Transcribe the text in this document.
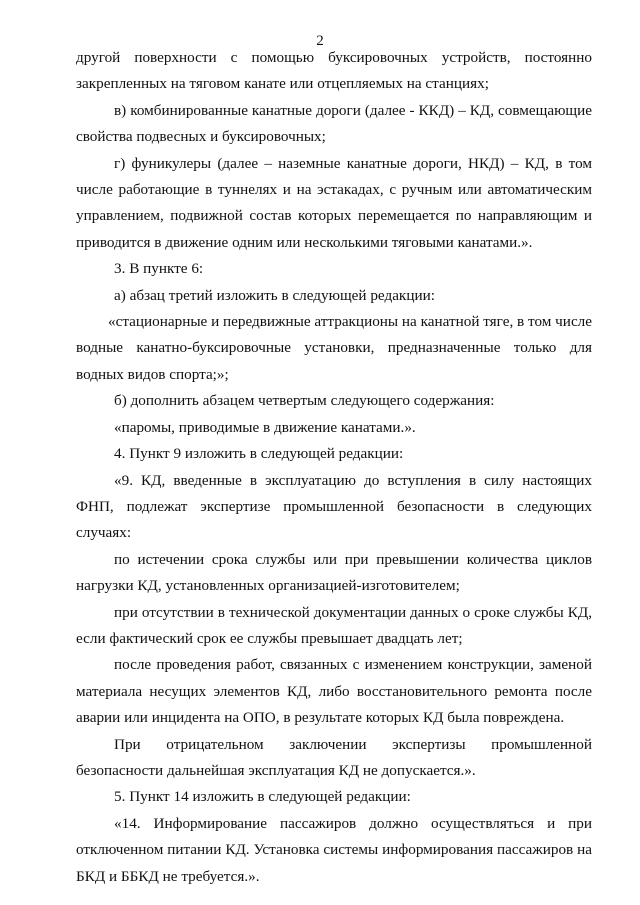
2

другой поверхности с помощью буксировочных устройств, постоянно закрепленных на тяговом канате или отцепляемых на станциях;

в) комбинированные канатные дороги (далее - ККД) – КД, совмещающие свойства подвесных и буксировочных;

г) фуникулеры (далее – наземные канатные дороги, НКД) – КД, в том числе работающие в туннелях и на эстакадах, с ручным или автоматическим управлением, подвижной состав которых перемещается по направляющим и приводится в движение одним или несколькими тяговыми канатами.».

3. В пункте 6:

а) абзац третий изложить в следующей редакции:

«стационарные и передвижные аттракционы на канатной тяге, в том числе водные канатно-буксировочные установки, предназначенные только для водных видов спорта;»;

б) дополнить абзацем четвертым следующего содержания:

«паромы, приводимые в движение канатами.».

4. Пункт 9 изложить в следующей редакции:

«9. КД, введенные в эксплуатацию до вступления в силу настоящих ФНП, подлежат экспертизе промышленной безопасности в следующих случаях:

по истечении срока службы или при превышении количества циклов нагрузки КД, установленных организацией-изготовителем;

при отсутствии в технической документации данных о сроке службы КД, если фактический срок ее службы превышает двадцать лет;

после проведения работ, связанных с изменением конструкции, заменой материала несущих элементов КД, либо восстановительного ремонта после аварии или инцидента на ОПО, в результате которых КД была повреждена.

При отрицательном заключении экспертизы промышленной безопасности дальнейшая эксплуатация КД не допускается.».

5. Пункт 14 изложить в следующей редакции:

«14. Информирование пассажиров должно осуществляться и при отключенном питании КД. Установка системы информирования пассажиров на БКД и ББКД не требуется.».
